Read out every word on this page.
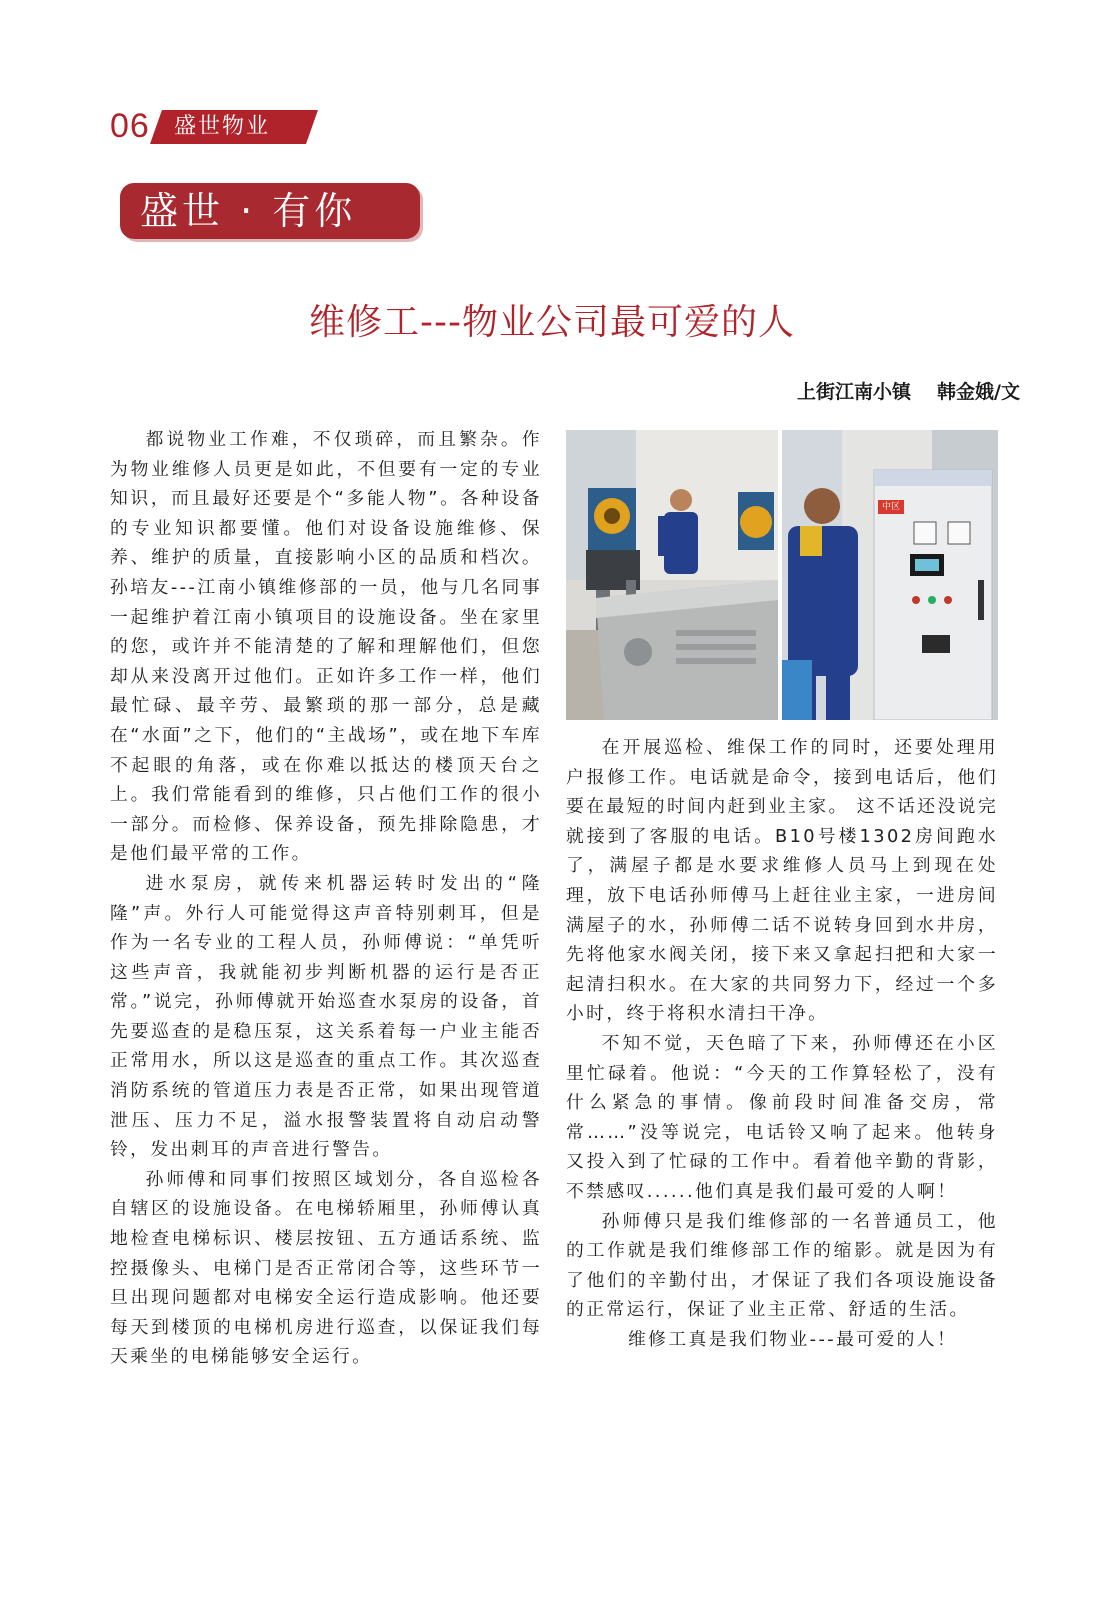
06 盛世物业
盛世 · 有你
维修工---物业公司最可爱的人
上街江南小镇 韩金娥/文

都说物业工作难，不仅琐碎，而且繁杂。作为物业维修人员更是如此，不但要有一定的专业知识，而且最好还要是个“多能人物”。各种设备的专业知识都要懂。他们对设备设施维修、保养、维护的质量，直接影响小区的品质和档次。孙培友---江南小镇维修部的一员，他与几名同事一起维护着江南小镇项目的设施设备。坐在家里的您，或许并不能清楚的了解和理解他们，但您却从来没离开过他们。正如许多工作一样，他们最忙碌、最辛劳、最繁琐的那一部分，总是藏在“水面”之下，他们的“主战场”，或在地下车库不起眼的角落，或在你难以抵达的楼顶天台之上。我们常能看到的维修，只占他们工作的很小一部分。而检修、保养设备，预先排除隐患，才是他们最平常的工作。

进水泵房，就传来机器运转时发出的“隆隆”声。外行人可能觉得这声音特别刺耳，但是作为一名专业的工程人员，孙师傅说：“单凭听这些声音，我就能初步判断机器的运行是否正常。”说完，孙师傅就开始巡查水泵房的设备，首先要巡查的是稳压泵，这关系着每一户业主能否正常用水，所以这是巡查的重点工作。其次巡查消防系统的管道压力表是否正常，如果出现管道泄压、压力不足，溢水报警装置将自动启动警铃，发出刺耳的声音进行警告。

孙师傅和同事们按照区域划分，各自巡检各自辖区的设施设备。在电梯轿厢里，孙师傅认真地检查电梯标识、楼层按钮、五方通话系统、监控摄像头、电梯门是否正常闭合等，这些环节一旦出现问题都对电梯安全运行造成影响。他还要每天到楼顶的电梯机房进行巡查，以保证我们每天乘坐的电梯能够安全运行。

中区

在开展巡检、维保工作的同时，还要处理用户报修工作。电话就是命令，接到电话后，他们要在最短的时间内赶到业主家。 这不话还没说完就接到了客服的电话。B10号楼1302房间跑水了，满屋子都是水要求维修人员马上到现在处理，放下电话孙师傅马上赶往业主家，一进房间满屋子的水，孙师傅二话不说转身回到水井房，先将他家水阀关闭，接下来又拿起扫把和大家一起清扫积水。在大家的共同努力下，经过一个多小时，终于将积水清扫干净。

不知不觉，天色暗了下来，孙师傅还在小区里忙碌着。他说：“今天的工作算轻松了，没有什么紧急的事情。像前段时间准备交房，常常……”没等说完，电话铃又响了起来。他转身又投入到了忙碌的工作中。看着他辛勤的背影，不禁感叹......他们真是我们最可爱的人啊！

孙师傅只是我们维修部的一名普通员工，他的工作就是我们维修部工作的缩影。就是因为有了他们的辛勤付出，才保证了我们各项设施设备的正常运行，保证了业主正常、舒适的生活。

维修工真是我们物业---最可爱的人！
